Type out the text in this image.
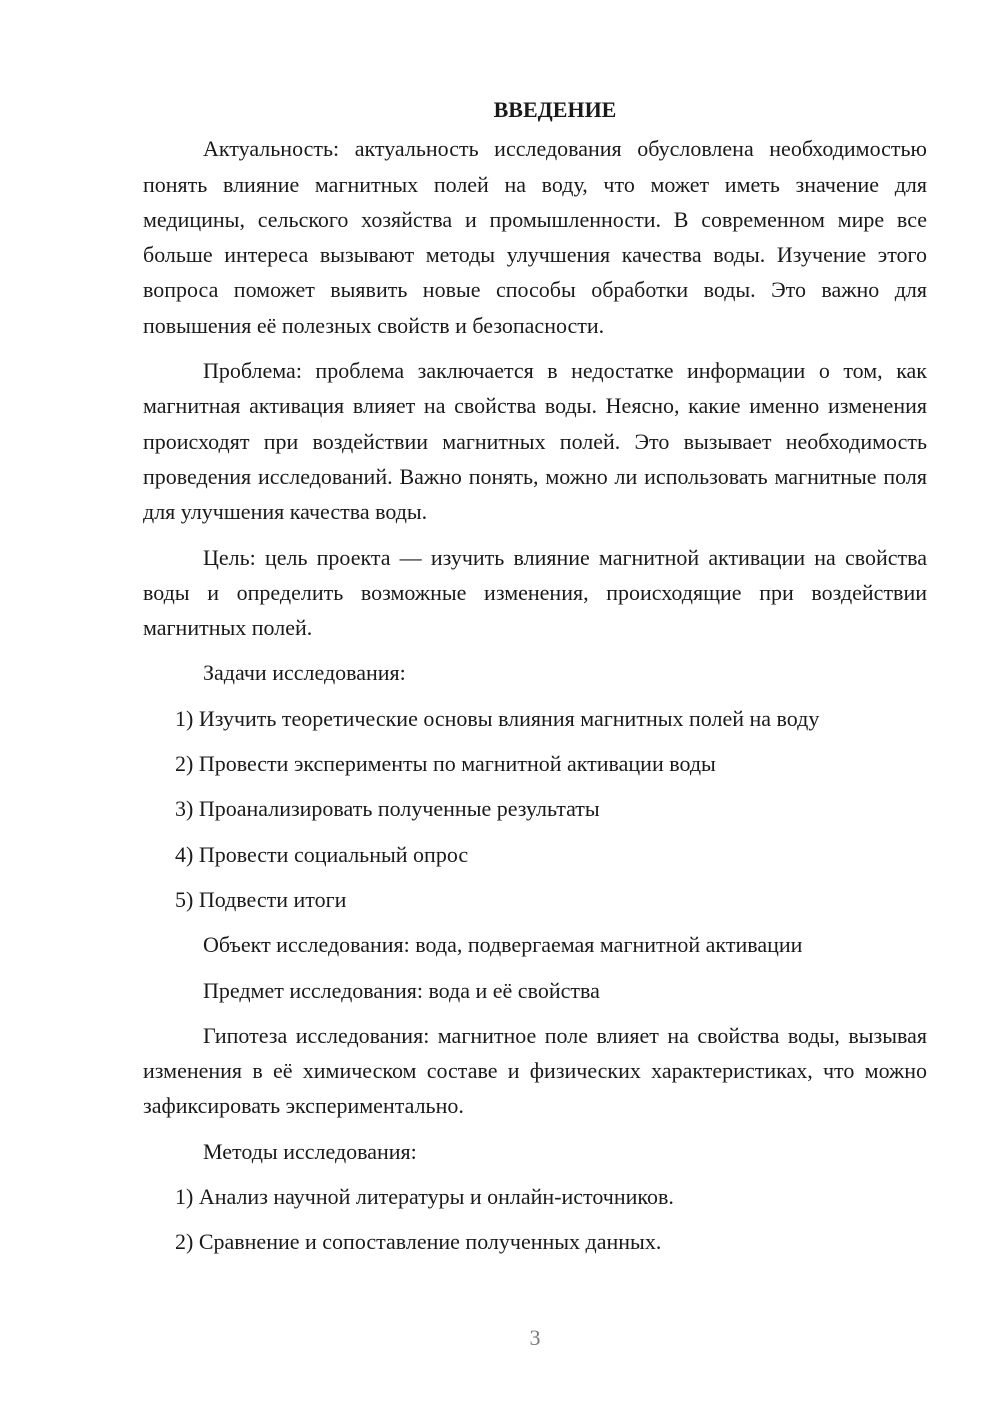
ВВЕДЕНИЕ

Актуальность: актуальность исследования обусловлена необходимостью понять влияние магнитных полей на воду, что может иметь значение для медицины, сельского хозяйства и промышленности. В современном мире все больше интереса вызывают методы улучшения качества воды. Изучение этого вопроса поможет выявить новые способы обработки воды. Это важно для повышения её полезных свойств и безопасности.

Проблема: проблема заключается в недостатке информации о том, как магнитная активация влияет на свойства воды. Неясно, какие именно изменения происходят при воздействии магнитных полей. Это вызывает необходимость проведения исследований. Важно понять, можно ли использовать магнитные поля для улучшения качества воды.

Цель: цель проекта — изучить влияние магнитной активации на свойства воды и определить возможные изменения, происходящие при воздействии магнитных полей.

Задачи исследования:

1) Изучить теоретические основы влияния магнитных полей на воду

2) Провести эксперименты по магнитной активации воды

3) Проанализировать полученные результаты

4) Провести социальный опрос

5) Подвести итоги

Объект исследования: вода, подвергаемая магнитной активации

Предмет исследования: вода и её свойства

Гипотеза исследования: магнитное поле влияет на свойства воды, вызывая изменения в её химическом составе и физических характеристиках, что можно зафиксировать экспериментально.

Методы исследования:

1) Анализ научной литературы и онлайн-источников.

2) Сравнение и сопоставление полученных данных.

3
